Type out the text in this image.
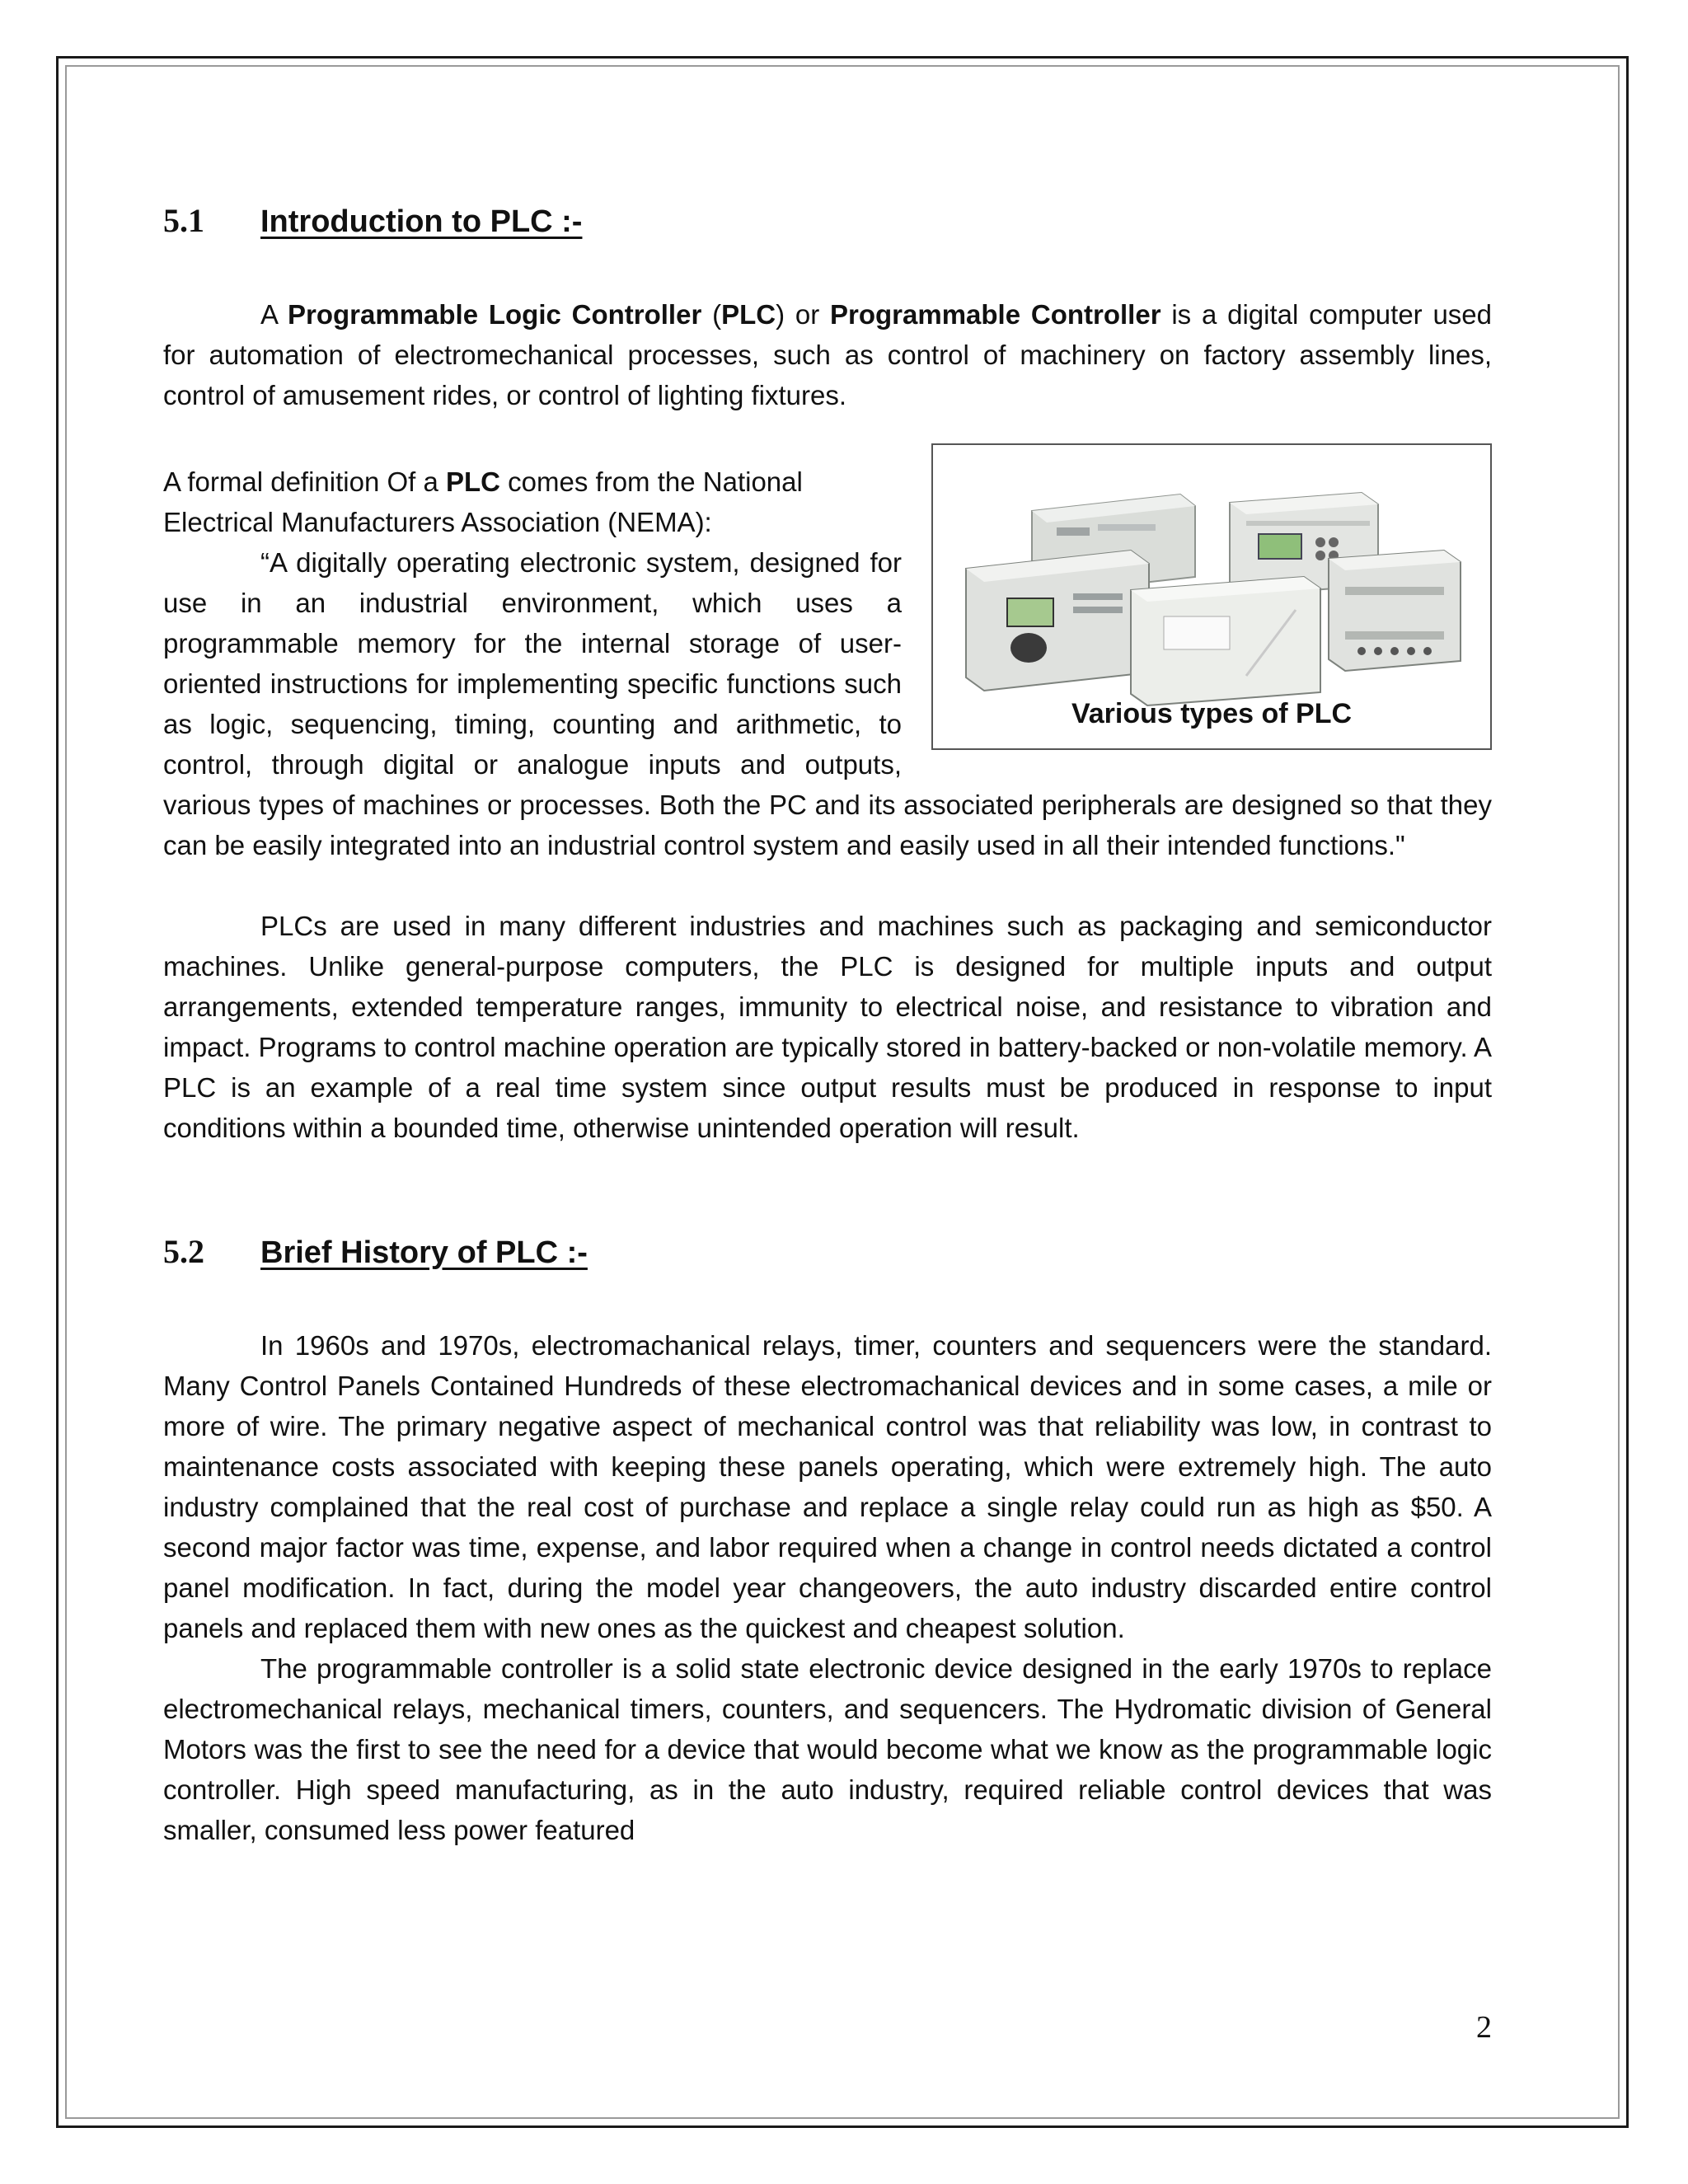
5.1	Introduction to PLC :-

A Programmable Logic Controller (PLC) or Programmable Controller is a digital computer used for automation of electromechanical processes, such as control of machinery on factory assembly lines, control of amusement rides, or control of lighting fixtures.

Various types of PLC

A formal definition Of a PLC comes from the National Electrical Manufacturers Association (NEMA):

“A digitally operating electronic system, designed for use in an industrial environment, which uses a programmable memory for the internal storage of user-oriented instructions for implementing specific functions such as logic, sequencing, timing, counting and arithmetic, to control, through digital or analogue inputs and outputs, various types of machines or processes. Both the PC and its associated peripherals are designed so that they can be easily integrated into an industrial control system and easily used in all their intended functions."

PLCs are used in many different industries and machines such as packaging and semiconductor machines. Unlike general-purpose computers, the PLC is designed for multiple inputs and output arrangements, extended temperature ranges, immunity to electrical noise, and resistance to vibration and impact. Programs to control machine operation are typically stored in battery-backed or non-volatile memory. A PLC is an example of a real time system since output results must be produced in response to input conditions within a bounded time, otherwise unintended operation will result.

5.2	Brief History of PLC :-

In 1960s and 1970s, electromachanical relays, timer, counters and sequencers were the standard. Many Control Panels Contained Hundreds of these electromachanical devices and in some cases, a mile or more of wire. The primary negative aspect of mechanical control was that reliability was low, in contrast to maintenance costs associated with keeping these panels operating, which were extremely high. The auto industry complained that the real cost of purchase and replace a single relay could run as high as $50. A second major factor was time, expense, and labor required when a change in control needs dictated a control panel modification. In fact, during the model year changeovers, the auto industry discarded entire control panels and replaced them with new ones as the quickest and cheapest solution.

The programmable controller is a solid state electronic device designed in the early 1970s to replace electromechanical relays, mechanical timers, counters, and sequencers. The Hydromatic division of General Motors was the first to see the need for a device that would become what we know as the programmable logic controller. High speed manufacturing, as in the auto industry, required reliable control devices that was smaller, consumed less power featured

2
